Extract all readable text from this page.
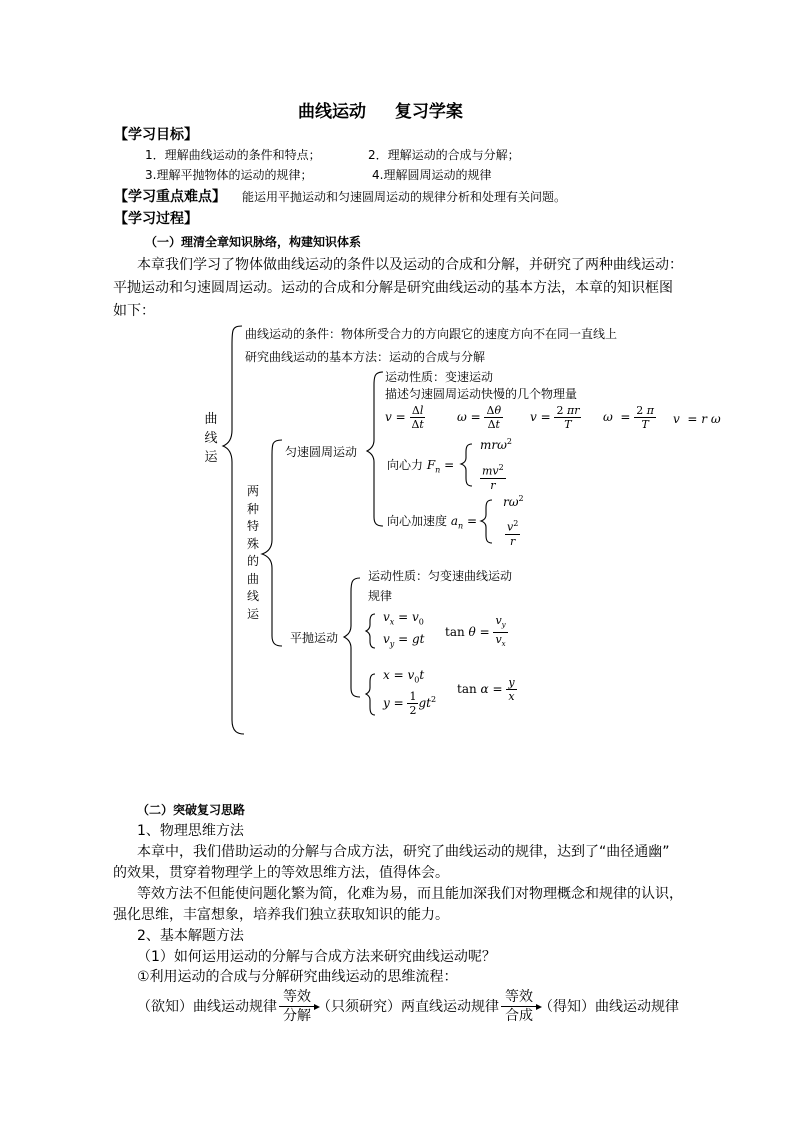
曲线运动 　 复习学案
【学习目标】
1．理解曲线运动的条件和特点；	2．理解运动的合成与分解；
3.理解平抛物体的运动的规律；	4.理解圆周运动的规律
【学习重点难点】 能运用平抛运动和匀速圆周运动的规律分析和处理有关问题。
【学习过程】
（一）理清全章知识脉络，构建知识体系
本章我们学习了物体做曲线运动的条件以及运动的合成和分解，并研究了两种曲线运动：
平抛运动和匀速圆周运动。运动的合成和分解是研究曲线运动的基本方法，本章的知识框图
如下：
曲线运
曲线运动的条件：物体所受合力的方向跟它的速度方向不在同一直线上
研究曲线运动的基本方法：运动的合成与分解
两种特殊的曲线运
匀速圆周运动
运动性质：变速运动
描述匀速圆周运动快慢的几个物理量
$v = \frac{\Delta l}{\Delta t}$	$\omega = \frac{\Delta\theta}{\Delta t}$ $v = \frac{2 \pi r}{T}$ $\omega = \frac{2 \pi}{T}$ v  = r ω
向心力 $F_n$ =
mrω$^2$
$\frac{mv^2}{r}$
向心加速度 $a_n$ =
$r\omega^2$
$\frac{v^2}{r}$
平抛运动
运动性质：匀变速曲线运动
规律
$v_x = v_0$
$v_y$ = gt $\tan \theta = \frac{v_y}{v_x}$
$x = v_0t$
$y = \frac{1}{2} gt^2$
$\tan \alpha = \frac{y}{x}$
（二）突破复习思路
1、物理思维方法
本章中，我们借助运动的分解与合成方法，研究了曲线运动的规律，达到了“曲径通幽”
的效果，贯穿着物理学上的等效思维方法，值得体会。
等效方法不但能使问题化繁为简，化难为易，而且能加深我们对物理概念和规律的认识，
强化思维，丰富想象，培养我们独立获取知识的能力。
2、基本解题方法
（1）如何运用运动的分解与合成方法来研究曲线运动呢？
①利用运动的合成与分解研究曲线运动的思维流程：
（欲知）曲线运动规律
等效
分解
（只须研究）两直线运动规律
等效
合成
（得知）曲线运动规律
